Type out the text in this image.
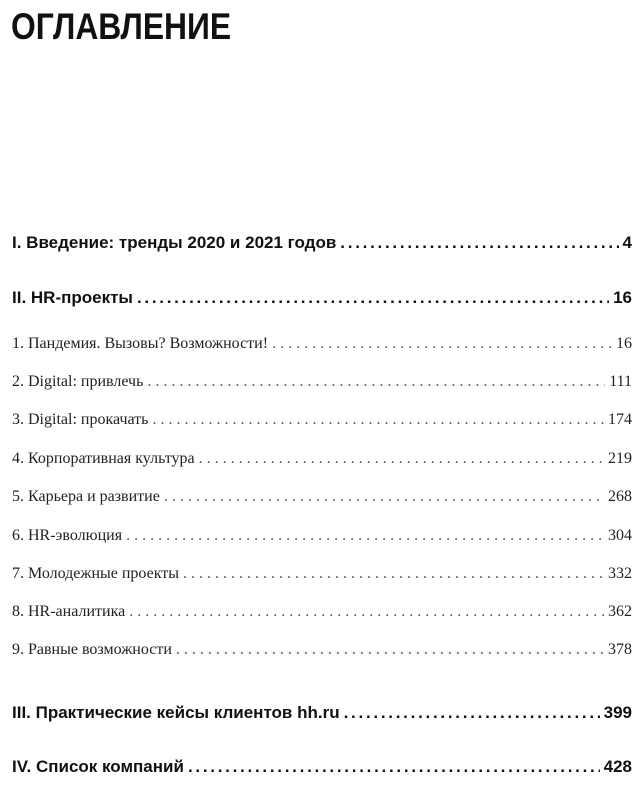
ОГЛАВЛЕНИЕ
I. Введение: тренды 2020 и 2021 годов . . .	4
II. HR-проекты . . .	16
1. Пандемия. Вызовы? Возможности! . . .	16
2. Digital: привлечь . . .	111
3. Digital: прокачать . . .	174
4. Корпоративная культура . . .	219
5. Карьера и развитие . . .	268
6. HR-эволюция . . .	304
7. Молодежные проекты . . .	332
8. HR-аналитика . . .	362
9. Равные возможности . . .	378
III. Практические кейсы клиентов hh.ru . . .	399
IV. Список компаний . . .	428
